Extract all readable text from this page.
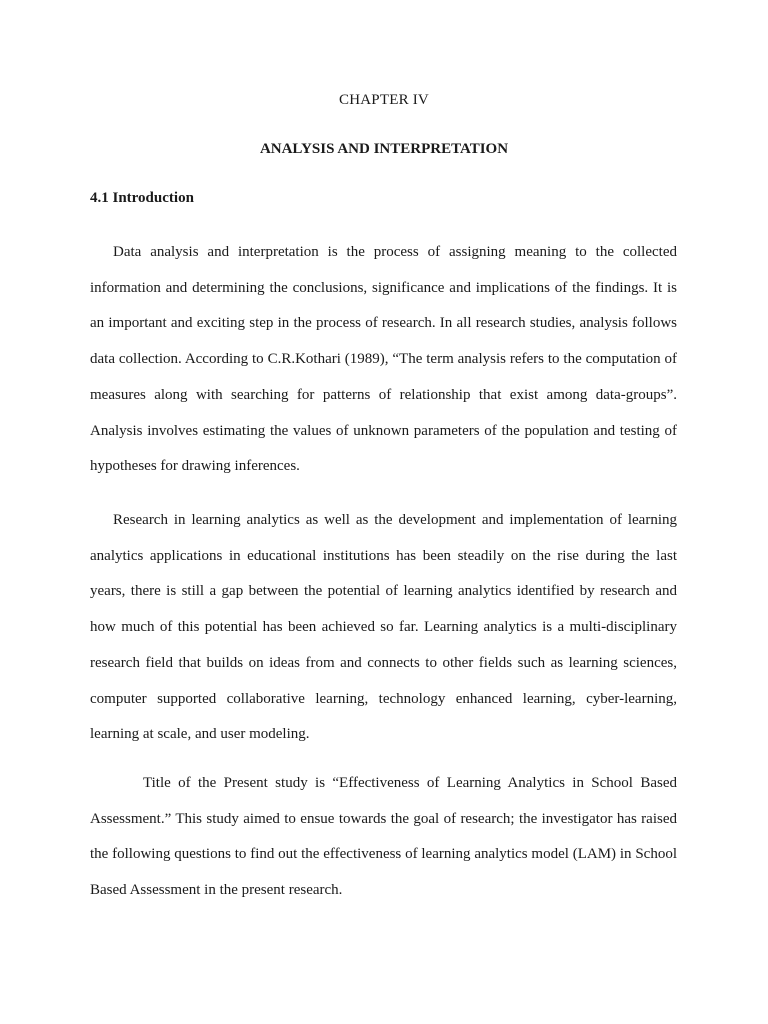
CHAPTER IV
ANALYSIS AND INTERPRETATION
4.1 Introduction

Data analysis and interpretation is the process of assigning meaning to the collected information and determining the conclusions, significance and implications of the findings. It is an important and exciting step in the process of research. In all research studies, analysis follows data collection. According to C.R.Kothari (1989), “The term analysis refers to the computation of measures along with searching for patterns of relationship that exist among data-groups”. Analysis involves estimating the values of unknown parameters of the population and testing of hypotheses for drawing inferences.

Research in learning analytics as well as the development and implementation of learning analytics applications in educational institutions has been steadily on the rise during the last years, there is still a gap between the potential of learning analytics identified by research and how much of this potential has been achieved so far. Learning analytics is a multi-disciplinary research field that builds on ideas from and connects to other fields such as learning sciences, computer supported collaborative learning, technology enhanced learning, cyber-learning, learning at scale, and user modeling.

Title of the Present study is “Effectiveness of Learning Analytics in School Based Assessment.” This study aimed to ensue towards the goal of research; the investigator has raised the following questions to find out the effectiveness of learning analytics model (LAM) in School Based Assessment in the present research.
